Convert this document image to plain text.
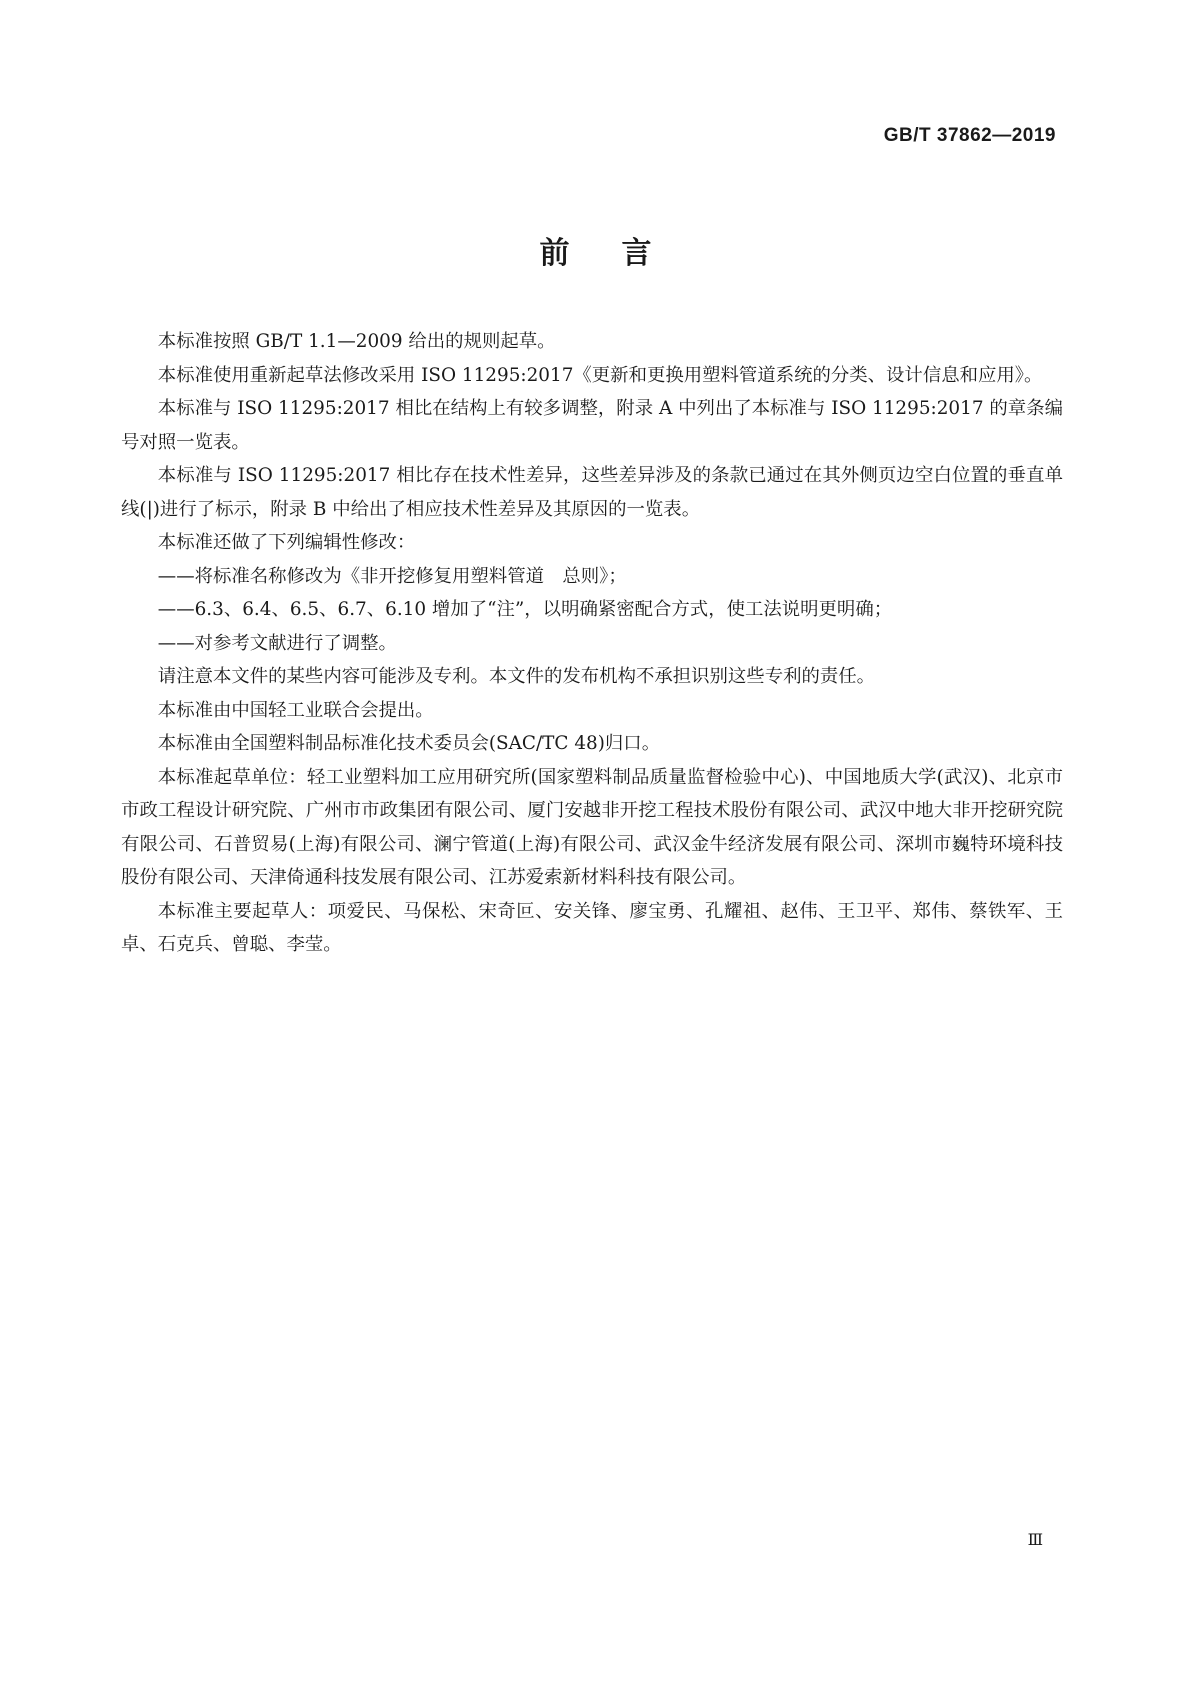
GB/T 37862—2019
前言

本标准按照 GB/T 1.1—2009 给出的规则起草。

本标准使用重新起草法修改采用 ISO 11295:2017《更新和更换用塑料管道系统的分类、设计信息和应用》。

本标准与 ISO 11295:2017 相比在结构上有较多调整，附录 A 中列出了本标准与 ISO 11295:2017 的章条编号对照一览表。

本标准与 ISO 11295:2017 相比存在技术性差异，这些差异涉及的条款已通过在其外侧页边空白位置的垂直单线(|)进行了标示，附录 B 中给出了相应技术性差异及其原因的一览表。

本标准还做了下列编辑性修改：

——将标准名称修改为《非开挖修复用塑料管道　总则》；

——6.3、6.4、6.5、6.7、6.10 增加了“注”，以明确紧密配合方式，使工法说明更明确；

——对参考文献进行了调整。

请注意本文件的某些内容可能涉及专利。本文件的发布机构不承担识别这些专利的责任。

本标准由中国轻工业联合会提出。

本标准由全国塑料制品标准化技术委员会(SAC/TC 48)归口。

本标准起草单位：轻工业塑料加工应用研究所(国家塑料制品质量监督检验中心)、中国地质大学(武汉)、北京市市政工程设计研究院、广州市市政集团有限公司、厦门安越非开挖工程技术股份有限公司、武汉中地大非开挖研究院有限公司、石普贸易(上海)有限公司、澜宁管道(上海)有限公司、武汉金牛经济发展有限公司、深圳市巍特环境科技股份有限公司、天津倚通科技发展有限公司、江苏爱索新材料科技有限公司。

本标准主要起草人：项爱民、马保松、宋奇叵、安关锋、廖宝勇、孔耀祖、赵伟、王卫平、郑伟、蔡铁军、王卓、石克兵、曾聪、李莹。

Ⅲ
